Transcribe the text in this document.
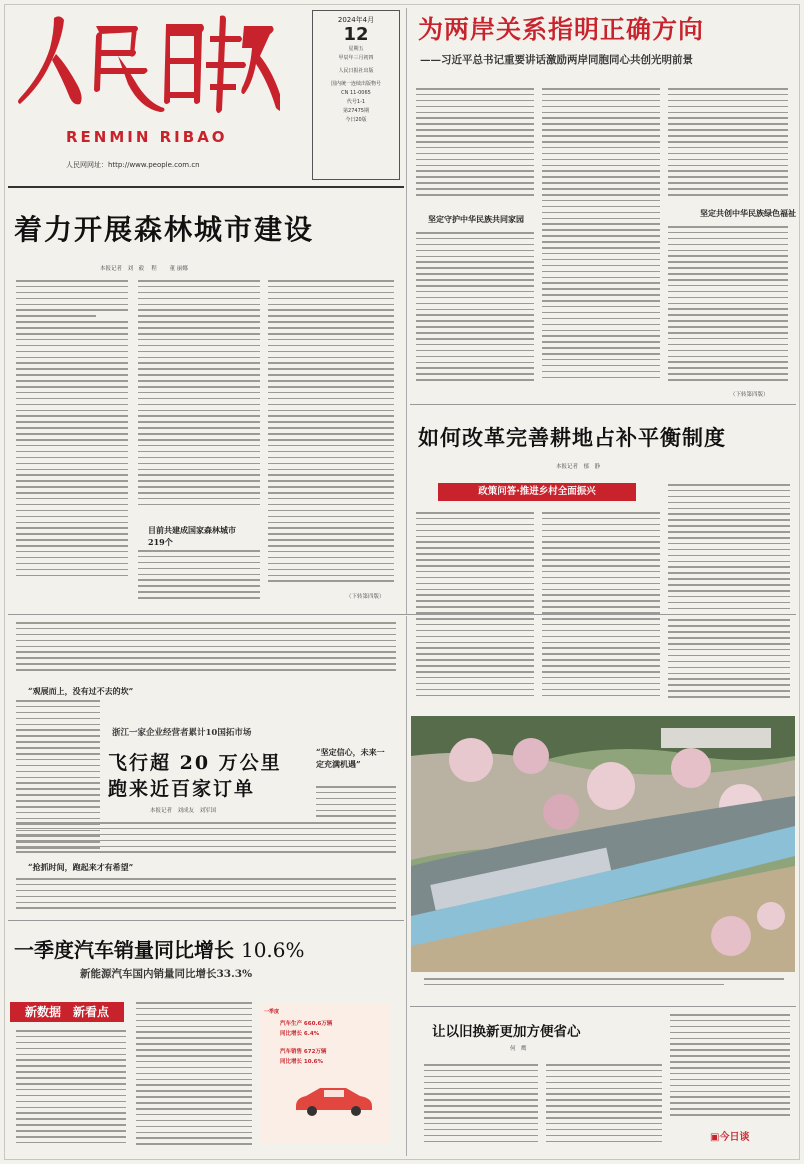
RENMIN RIBAO
人民网网址：http://www.people.com.cn
2024年4月
12
星期五
甲辰年三月初四
人民日报社出版
国内统一连续出版物号
CN 11-0065
代号1-1
第27475期
今日20版
为两岸关系指明正确方向
——习近平总书记重要讲话激励两岸同胞同心共创光明前景
坚定守护中华民族共同家园
坚定共创中华民族绿色福祉
（下转第四版）
着力开展森林城市建设
本报记者　刘　毅　 程 　　董 丽娜
目前共建成国家森林城市219个
（下转第四版）
如何改革完善耕地占补平衡制度
本报记者　郁　静
政策问答·推进乡村全面振兴
浙江一家企业经营者累计10国拓市场
飞行超 20 万公里
跑来近百家订单
本报记者　刘成友　刘军国
“观展而上，没有过不去的坎”
“坚定信心，未来一定充满机遇”
“抢抓时间，跑起来才有希望”
一季度汽车销量同比增长 10.6%
新能源汽车国内销量同比增长33.3%
新数据　新看点	一季度
汽车生产 660.6万辆
同比增长 6.4%
汽车销售 672万辆
同比增长 10.6%
让以旧换新更加方便省心
何　鹰
▣今日谈
